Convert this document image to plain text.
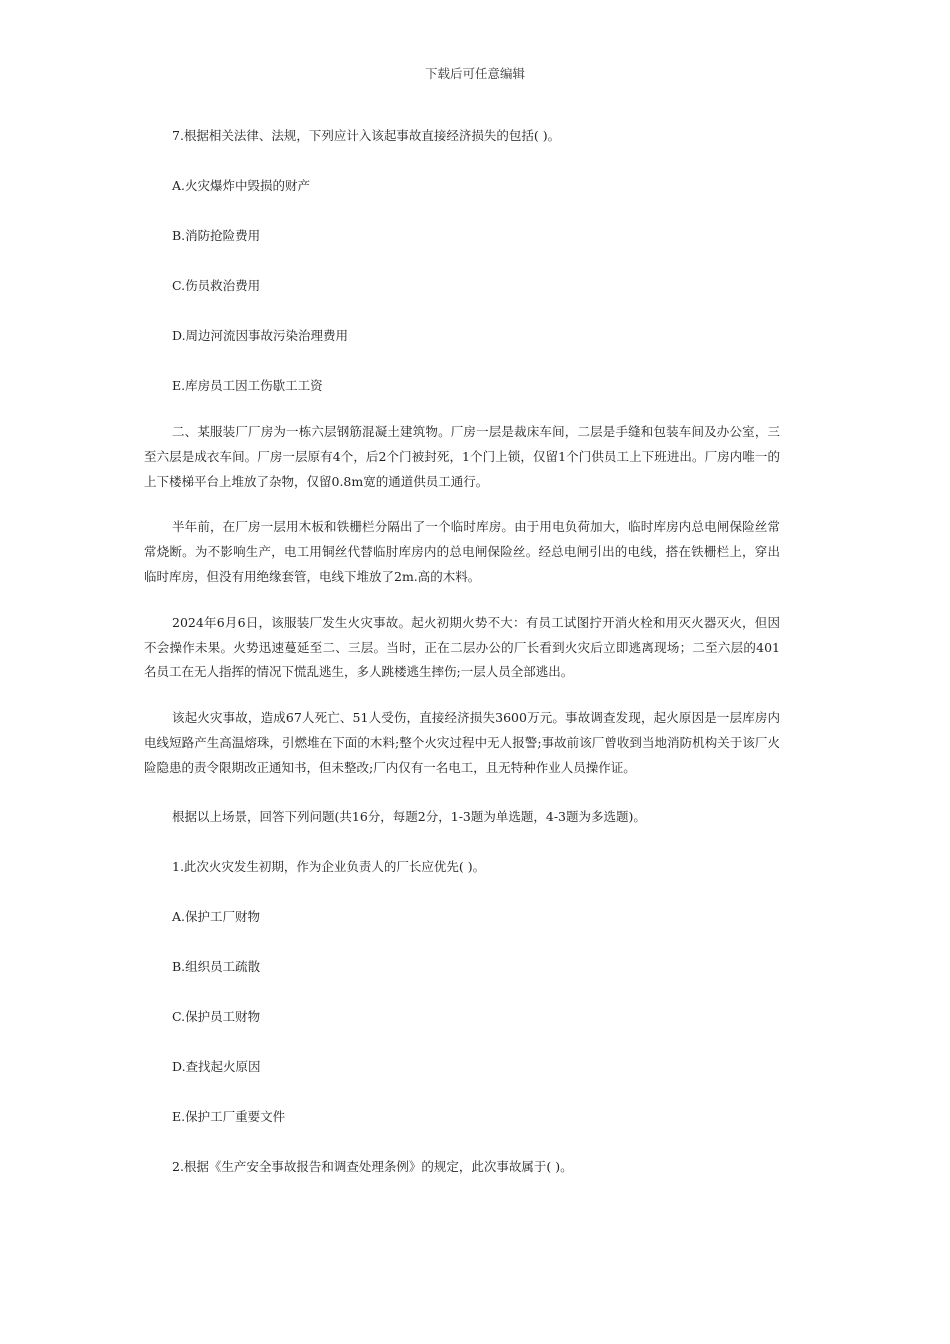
下载后可任意编辑
7.根据相关法律、法规，下列应计入该起事故直接经济损失的包括( )。
A.火灾爆炸中毁损的财产
B.消防抢险费用
C.伤员救治费用
D.周边河流因事故污染治理费用
E.库房员工因工伤歇工工资
二、某服装厂厂房为一栋六层钢筋混凝土建筑物。厂房一层是裁床车间，二层是手缝和包装车间及办公室，三至六层是成衣车间。厂房一层原有4个，后2个门被封死，1个门上锁，仅留1个门供员工上下班进出。厂房内唯一的上下楼梯平台上堆放了杂物，仅留0.8m宽的通道供员工通行。
半年前，在厂房一层用木板和铁栅栏分隔出了一个临时库房。由于用电负荷加大，临时库房内总电闸保险丝常常烧断。为不影响生产，电工用铜丝代替临肘库房内的总电闸保险丝。经总电闸引出的电线，搭在铁栅栏上，穿出临时库房，但没有用绝缘套管，电线下堆放了2m.高的木料。
2024年6月6日，该服装厂发生火灾事故。起火初期火势不大：有员工试图拧开消火栓和用灭火器灭火，但因不会操作未果。火势迅速蔓延至二、三层。当时，正在二层办公的厂长看到火灾后立即逃离现场；二至六层的401名员工在无人指挥的情况下慌乱逃生，多人跳楼逃生摔伤;一层人员全部逃出。
该起火灾事故，造成67人死亡、51人受伤，直接经济损失3600万元。事故调查发现，起火原因是一层库房内电线短路产生高温熔珠，引燃堆在下面的木料;整个火灾过程中无人报警;事故前该厂曾收到当地消防机构关于该厂火险隐患的责令限期改正通知书，但未整改;厂内仅有一名电工，且无特种作业人员操作证。
根据以上场景，回答下列问题(共16分，每题2分，1-3题为单选题，4-3题为多选题)。
1.此次火灾发生初期，作为企业负责人的厂长应优先( )。
A.保护工厂财物
B.组织员工疏散
C.保护员工财物
D.查找起火原因
E.保护工厂重要文件
2.根据《生产安全事故报告和调查处理条例》的规定，此次事故属于( )。
